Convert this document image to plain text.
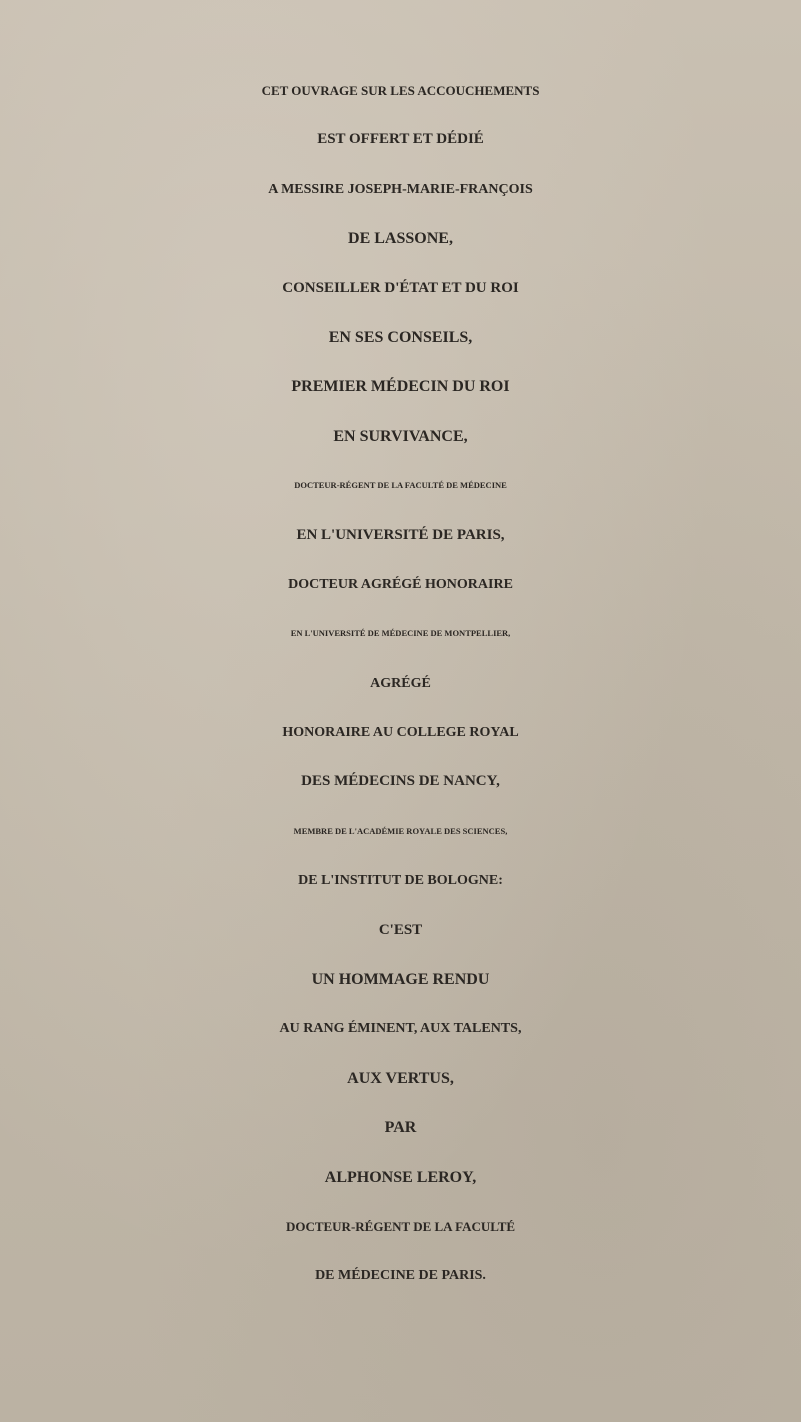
CET OUVRAGE SUR LES ACCOUCHEMENTS
EST OFFERT ET DÉDIÉ
A MESSIRE JOSEPH-MARIE-FRANÇOIS
DE LASSONE,
CONSEILLER D'ÉTAT ET DU ROI
EN SES CONSEILS,
PREMIER MÉDECIN DU ROI
EN SURVIVANCE,
DOCTEUR-RÉGENT DE LA FACULTÉ DE MÉDECINE
EN L'UNIVERSITÉ DE PARIS,
DOCTEUR AGRÉGÉ HONORAIRE
EN L'UNIVERSITÉ DE MÉDECINE DE MONTPELLIER,
AGRÉGÉ
HONORAIRE AU COLLEGE ROYAL
DES MÉDECINS DE NANCY,
MEMBRE DE L'ACADÉMIE ROYALE DES SCIENCES,
DE L'INSTITUT DE BOLOGNE:
C'EST
UN HOMMAGE RENDU
AU RANG ÉMINENT, AUX TALENTS,
AUX VERTUS,
PAR
ALPHONSE LEROY,
DOCTEUR-RÉGENT DE LA FACULTÉ
DE MÉDECINE DE PARIS.
